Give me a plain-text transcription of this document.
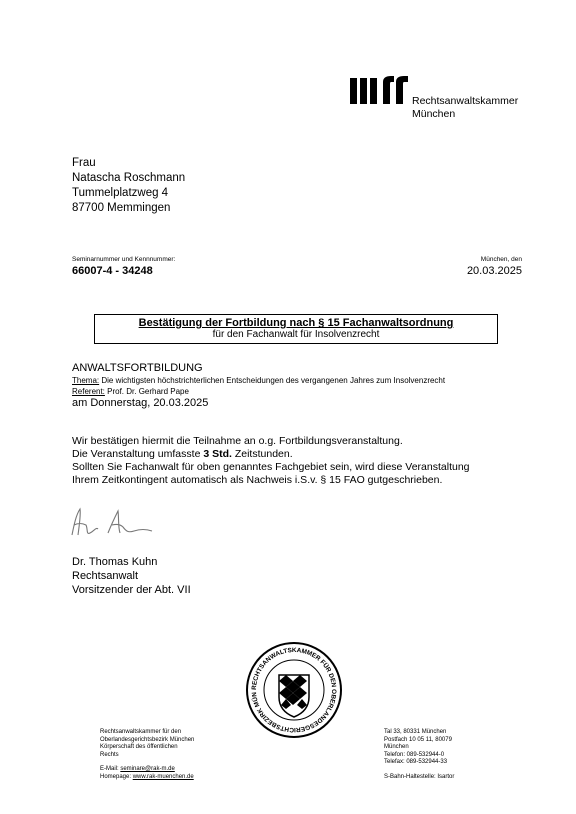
Rechtsanwaltskammer
München
Frau
Natascha Roschmann
Tummelplatzweg 4
87700 Memmingen
Seminarnummer und Kennnummer:
66007-4 - 34248
München, den
20.03.2025
Bestätigung der Fortbildung nach § 15 Fachanwaltsordnung
für den Fachanwalt für Insolvenzrecht
ANWALTSFORTBILDUNG
Thema: Die wichtigsten höchstrichterlichen Entscheidungen des vergangenen Jahres zum Insolvenzrecht
Referent: Prof. Dr. Gerhard Pape
am Donnerstag, 20.03.2025
Wir bestätigen hiermit die Teilnahme an o.g. Fortbildungsveranstaltung.
Die Veranstaltung umfasste 3 Std. Zeitstunden.
Sollten Sie Fachanwalt für oben genanntes Fachgebiet sein, wird diese Veranstaltung
Ihrem Zeitkontingent automatisch als Nachweis i.S.v. § 15 FAO gutgeschrieben.
Dr. Thomas Kuhn
Rechtsanwalt
Vorsitzender der Abt. VII
RECHTSANWALTSKAMMER FÜR DEN OBERLANDESGERICHTSBEZIRK MÜN
Rechtsanwaltskammer für den
Oberlandesgerichtsbezirk München
Körperschaft des öffentlichen
Rechts
E-Mail: seminare@rak-m.de
Homepage: www.rak-muenchen.de
Tal 33, 80331 München
Postfach 10 05 11, 80079
München
Telefon: 089-532944-0
Telefax: 089-532944-33
S-Bahn-Haltestelle: Isartor
